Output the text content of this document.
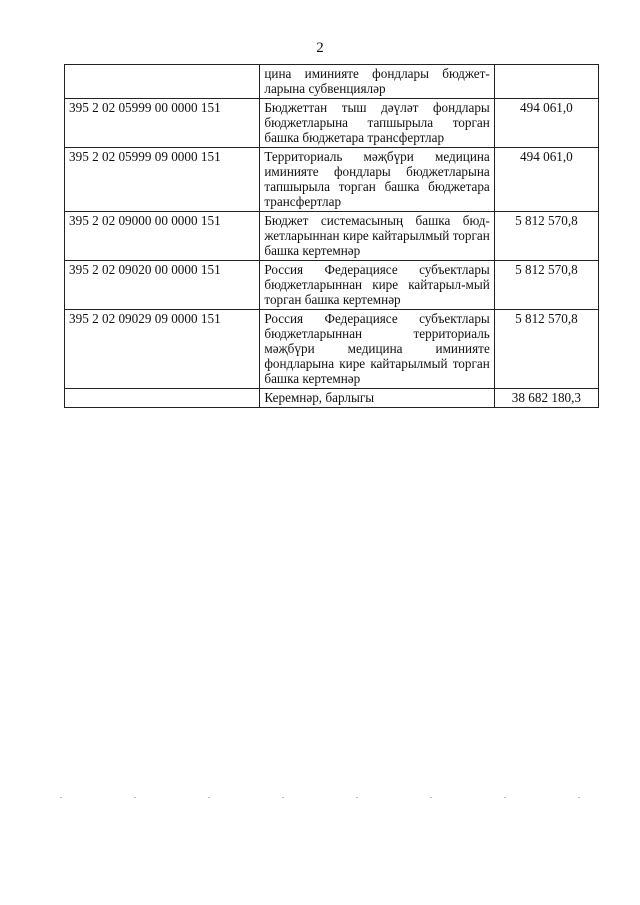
2
	цина иминияте фондлары бюджет-ларына субвенцияләр	
395 2 02 05999 00 0000 151	Бюджеттан тыш дәүләт фондлары бюджетларына тапшырыла торган башка бюджетара трансфертлар	494 061,0
395 2 02 05999 09 0000 151	Территориаль мәҗбүри медицина иминияте фондлары бюджетларына тапшырыла торган башка бюджетара трансфертлар	494 061,0
395 2 02 09000 00 0000 151	Бюджет системасының башка бюд-жетларыннан кире кайтарылмый торган башка кертемнәр	5 812 570,8
395 2 02 09020 00 0000 151	Россия Федерациясе субъектлары бюджетларыннан кире кайтарыл-мый торган башка кертемнәр	5 812 570,8
395 2 02 09029 09 0000 151	Россия Федерациясе субъектлары бюджетларыннан территориаль мәҗбүри медицина иминияте фондларына кире кайтарылмый торган башка кертемнәр	5 812 570,8
	Керемнәр, барлыгы	38 682 180,3
